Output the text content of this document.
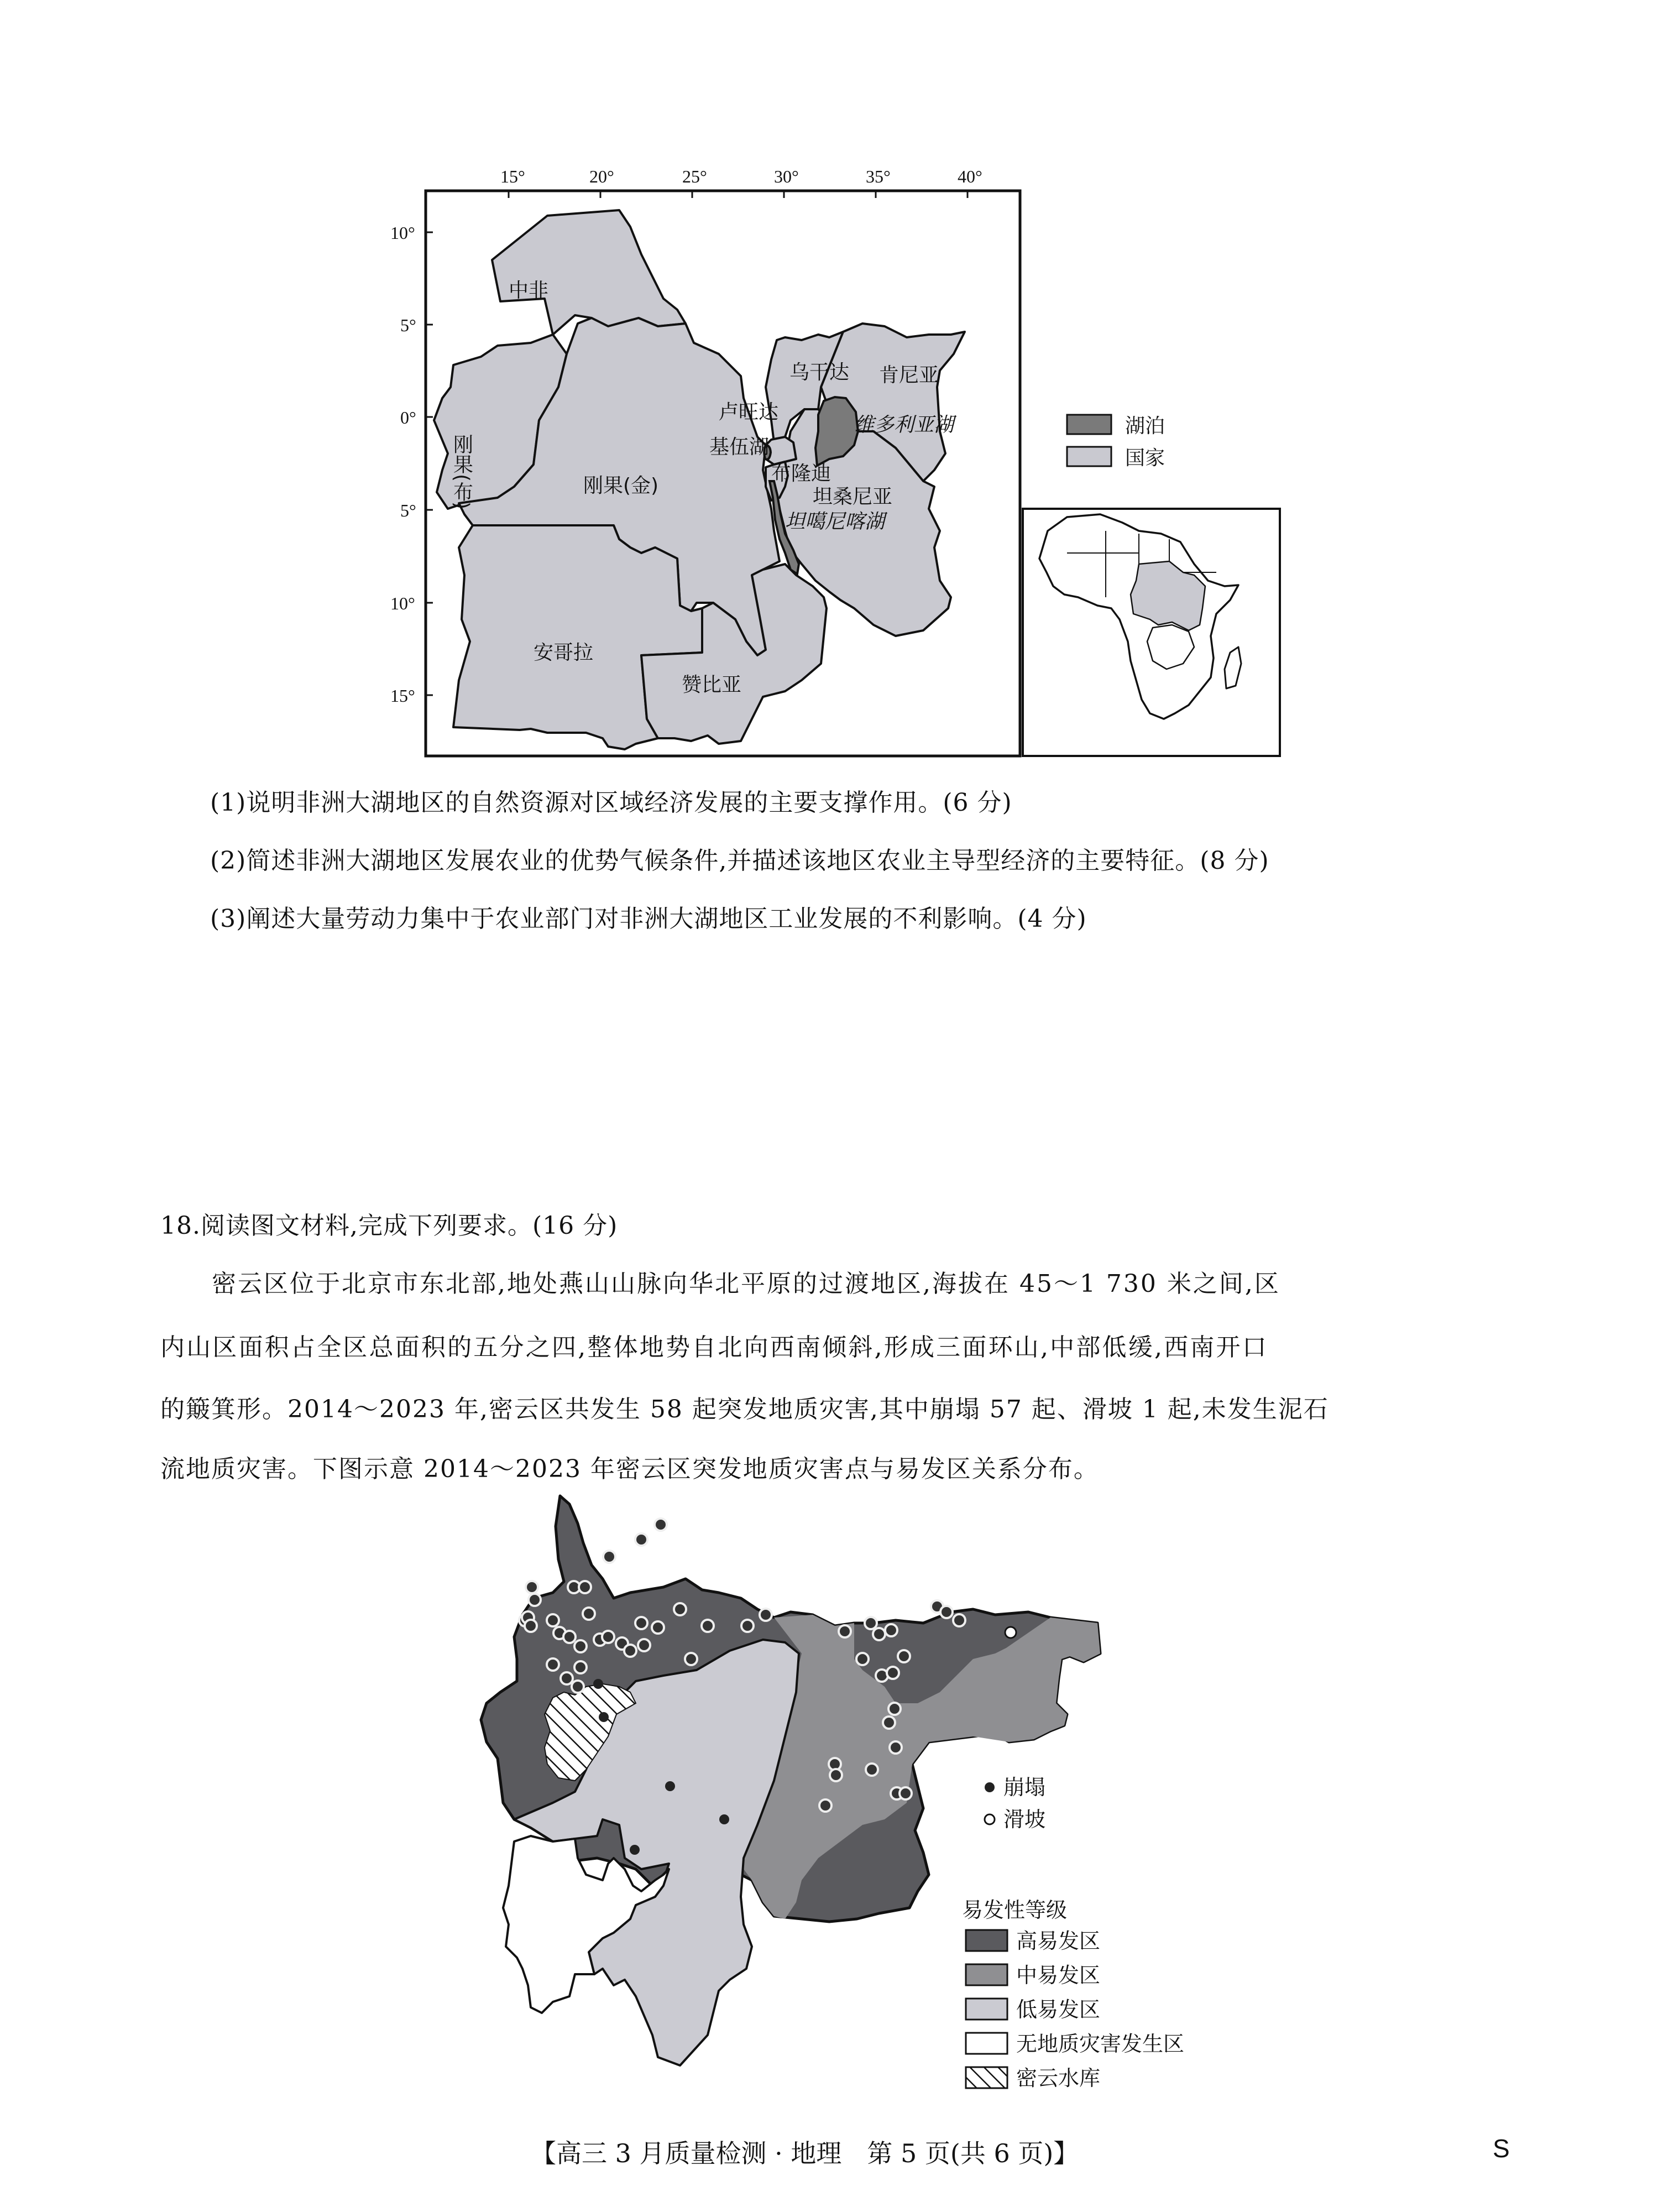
15°	20°	25°	30°	35°	40°
10°
5°
0°
5°
10°
15°
中非
刚果(布)	刚果(金)
乌干达 肯尼亚
卢旺达
基伍湖
布隆迪
维多利亚湖
坦桑尼亚
坦噶尼喀湖
安哥拉
赞比亚
湖泊
国家
(1)说明非洲大湖地区的自然资源对区域经济发展的主要支撑作用。(6 分)
(2)简述非洲大湖地区发展农业的优势气候条件,并描述该地区农业主导型经济的主要特征。(8 分)
(3)阐述大量劳动力集中于农业部门对非洲大湖地区工业发展的不利影响。(4 分)
18.阅读图文材料,完成下列要求。(16 分)
密云区位于北京市东北部,地处燕山山脉向华北平原的过渡地区,海拔在 45～1 730 米之间,区
内山区面积占全区总面积的五分之四,整体地势自北向西南倾斜,形成三面环山,中部低缓,西南开口
的簸箕形。2014～2023 年,密云区共发生 58 起突发地质灾害,其中崩塌 57 起、滑坡 1 起,未发生泥石
流地质灾害。下图示意 2014～2023 年密云区突发地质灾害点与易发区关系分布。
崩塌
滑坡
易发性等级
高易发区
中易发区
低易发区
无地质灾害发生区
密云水库
【高三 3 月质量检测 · 地理　第 5 页(共 6 页)】	S
